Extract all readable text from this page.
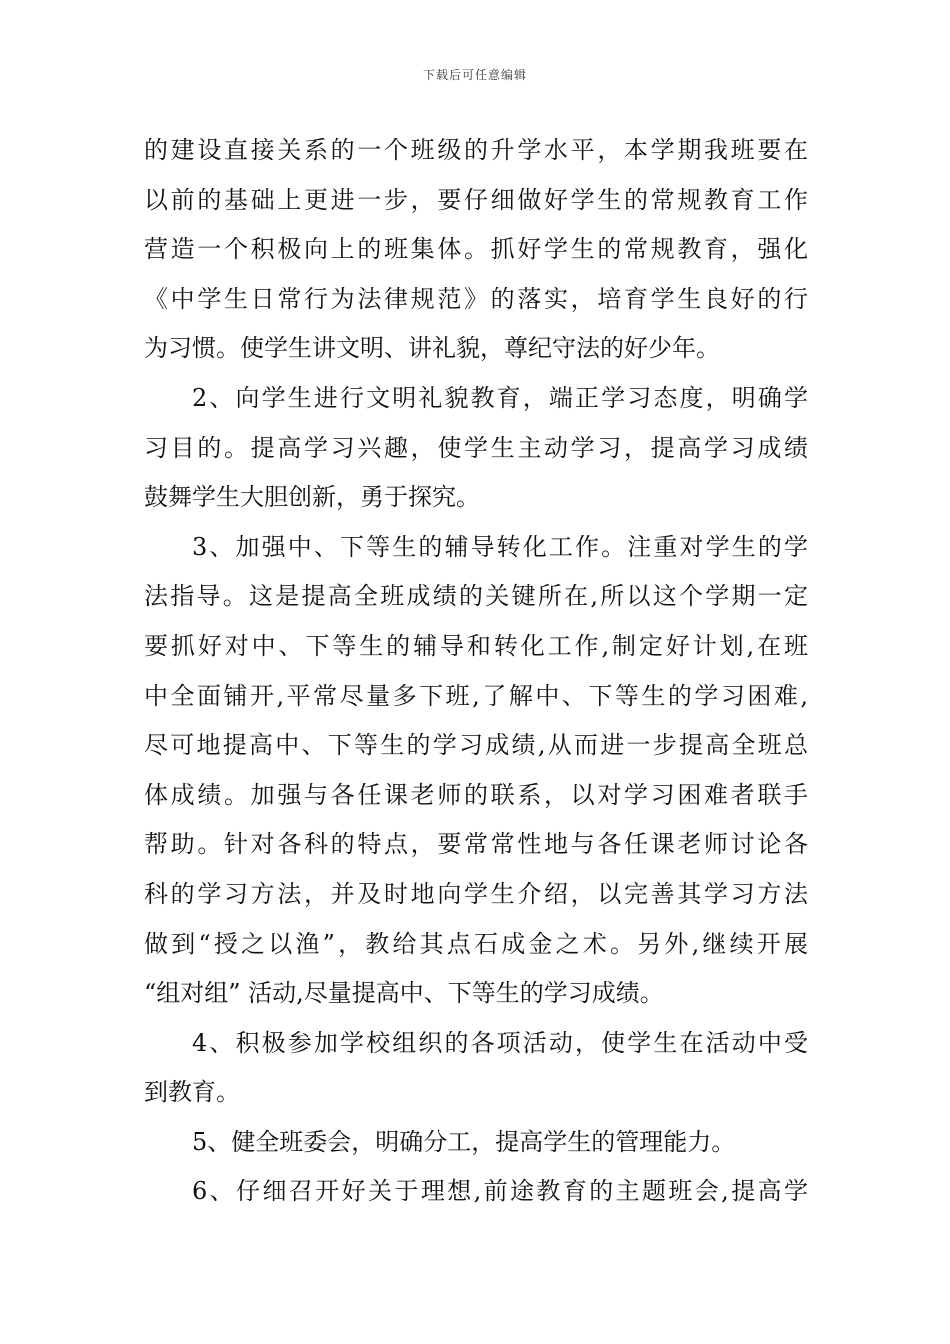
下载后可任意编辑
的建设直接关系的一个班级的升学水平，本学期我班要在
以前的基础上更进一步，要仔细做好学生的常规教育工作
营造一个积极向上的班集体。抓好学生的常规教育，强化
《中学生日常行为法律规范》的落实，培育学生良好的行
为习惯。使学生讲文明、讲礼貌，尊纪守法的好少年。
2、向学生进行文明礼貌教育，端正学习态度，明确学
习目的。提高学习兴趣，使学生主动学习，提高学习成绩
鼓舞学生大胆创新，勇于探究。
3、加强中、下等生的辅导转化工作。注重对学生的学
法指导。这是提高全班成绩的关键所在,所以这个学期一定
要抓好对中、下等生的辅导和转化工作,制定好计划,在班
中全面铺开,平常尽量多下班,了解中、下等生的学习困难,
尽可地提高中、下等生的学习成绩,从而进一步提高全班总
体成绩。加强与各任课老师的联系，以对学习困难者联手
帮助。针对各科的特点，要常常性地与各任课老师讨论各
科的学习方法，并及时地向学生介绍，以完善其学习方法
做到“授之以渔”，教给其点石成金之术。另外,继续开展
“组对组” 活动,尽量提高中、下等生的学习成绩。
4、积极参加学校组织的各项活动，使学生在活动中受
到教育。
5、健全班委会，明确分工，提高学生的管理能力。
6、仔细召开好关于理想,前途教育的主题班会,提高学
